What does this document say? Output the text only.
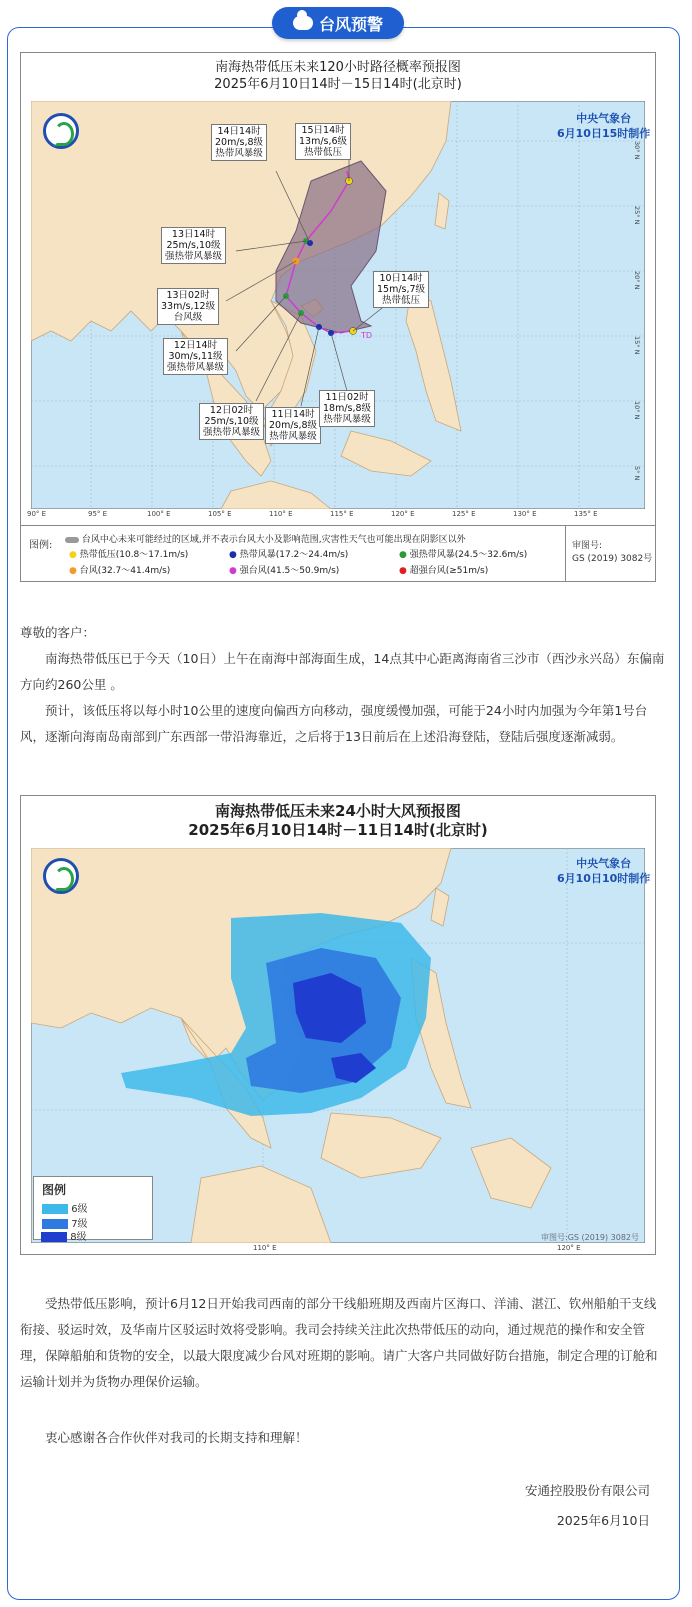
台风预警
南海热带低压未来120小时路径概率预报图
2025年6月10日14时－15日14时(北京时)
TD
中央气象台
6月10日15时制作
15日14时
13m/s,6级
热带低压
14日14时
20m/s,8级
热带风暴级
13日14时
25m/s,10级
强热带风暴级
13日02时
33m/s,12级
台风级
12日14时
30m/s,11级
强热带风暴级
12日02时
25m/s,10级
强热带风暴级
11日14时
20m/s,8级
热带风暴级
11日02时
18m/s,8级
热带风暴级
10日14时
15m/s,7级
热带低压
90° E	95° E	100° E	105° E	110° E	115° E	120° E	125° E	130° E	135° E
30° N
25° N
20° N
15° N
10° N
5° N
图例:	台风中心未来可能经过的区域,并不表示台风大小及影响范围,灾害性天气也可能出现在阴影区以外
● 热带低压(10.8～17.1m/s)	● 热带风暴(17.2～24.4m/s)	● 强热带风暴(24.5～32.6m/s)
● 台风(32.7～41.4m/s)	● 强台风(41.5～50.9m/s)	● 超强台风(≥51m/s)
审图号:
GS (2019) 3082号
尊敬的客户：

南海热带低压已于今天（10日）上午在南海中部海面生成，14点其中心距离海南省三沙市（西沙永兴岛）东偏南方向约260公里 。

预计，该低压将以每小时10公里的速度向偏西方向移动，强度缓慢加强，可能于24小时内加强为今年第1号台风，逐渐向海南岛南部到广东西部一带沿海靠近，之后将于13日前后在上述沿海登陆，登陆后强度逐渐减弱。

南海热带低压未来24小时大风预报图
2025年6月10日14时－11日14时(北京时)
中央气象台
6月10日10时制作
图例
6级
7级
8级	审图号:GS (2019) 3082号
110° E	120° E

受热带低压影响，预计6月12日开始我司西南的部分干线船班期及西南片区海口、洋浦、湛江、钦州船舶干支线衔接、驳运时效，及华南片区驳运时效将受影响。我司会持续关注此次热带低压的动向，通过规范的操作和安全管理，保障船舶和货物的安全，以最大限度减少台风对班期的影响。请广大客户共同做好防台措施，制定合理的订舱和运输计划并为货物办理保价运输。

衷心感谢各合作伙伴对我司的长期支持和理解！

安通控股股份有限公司
2025年6月10日
